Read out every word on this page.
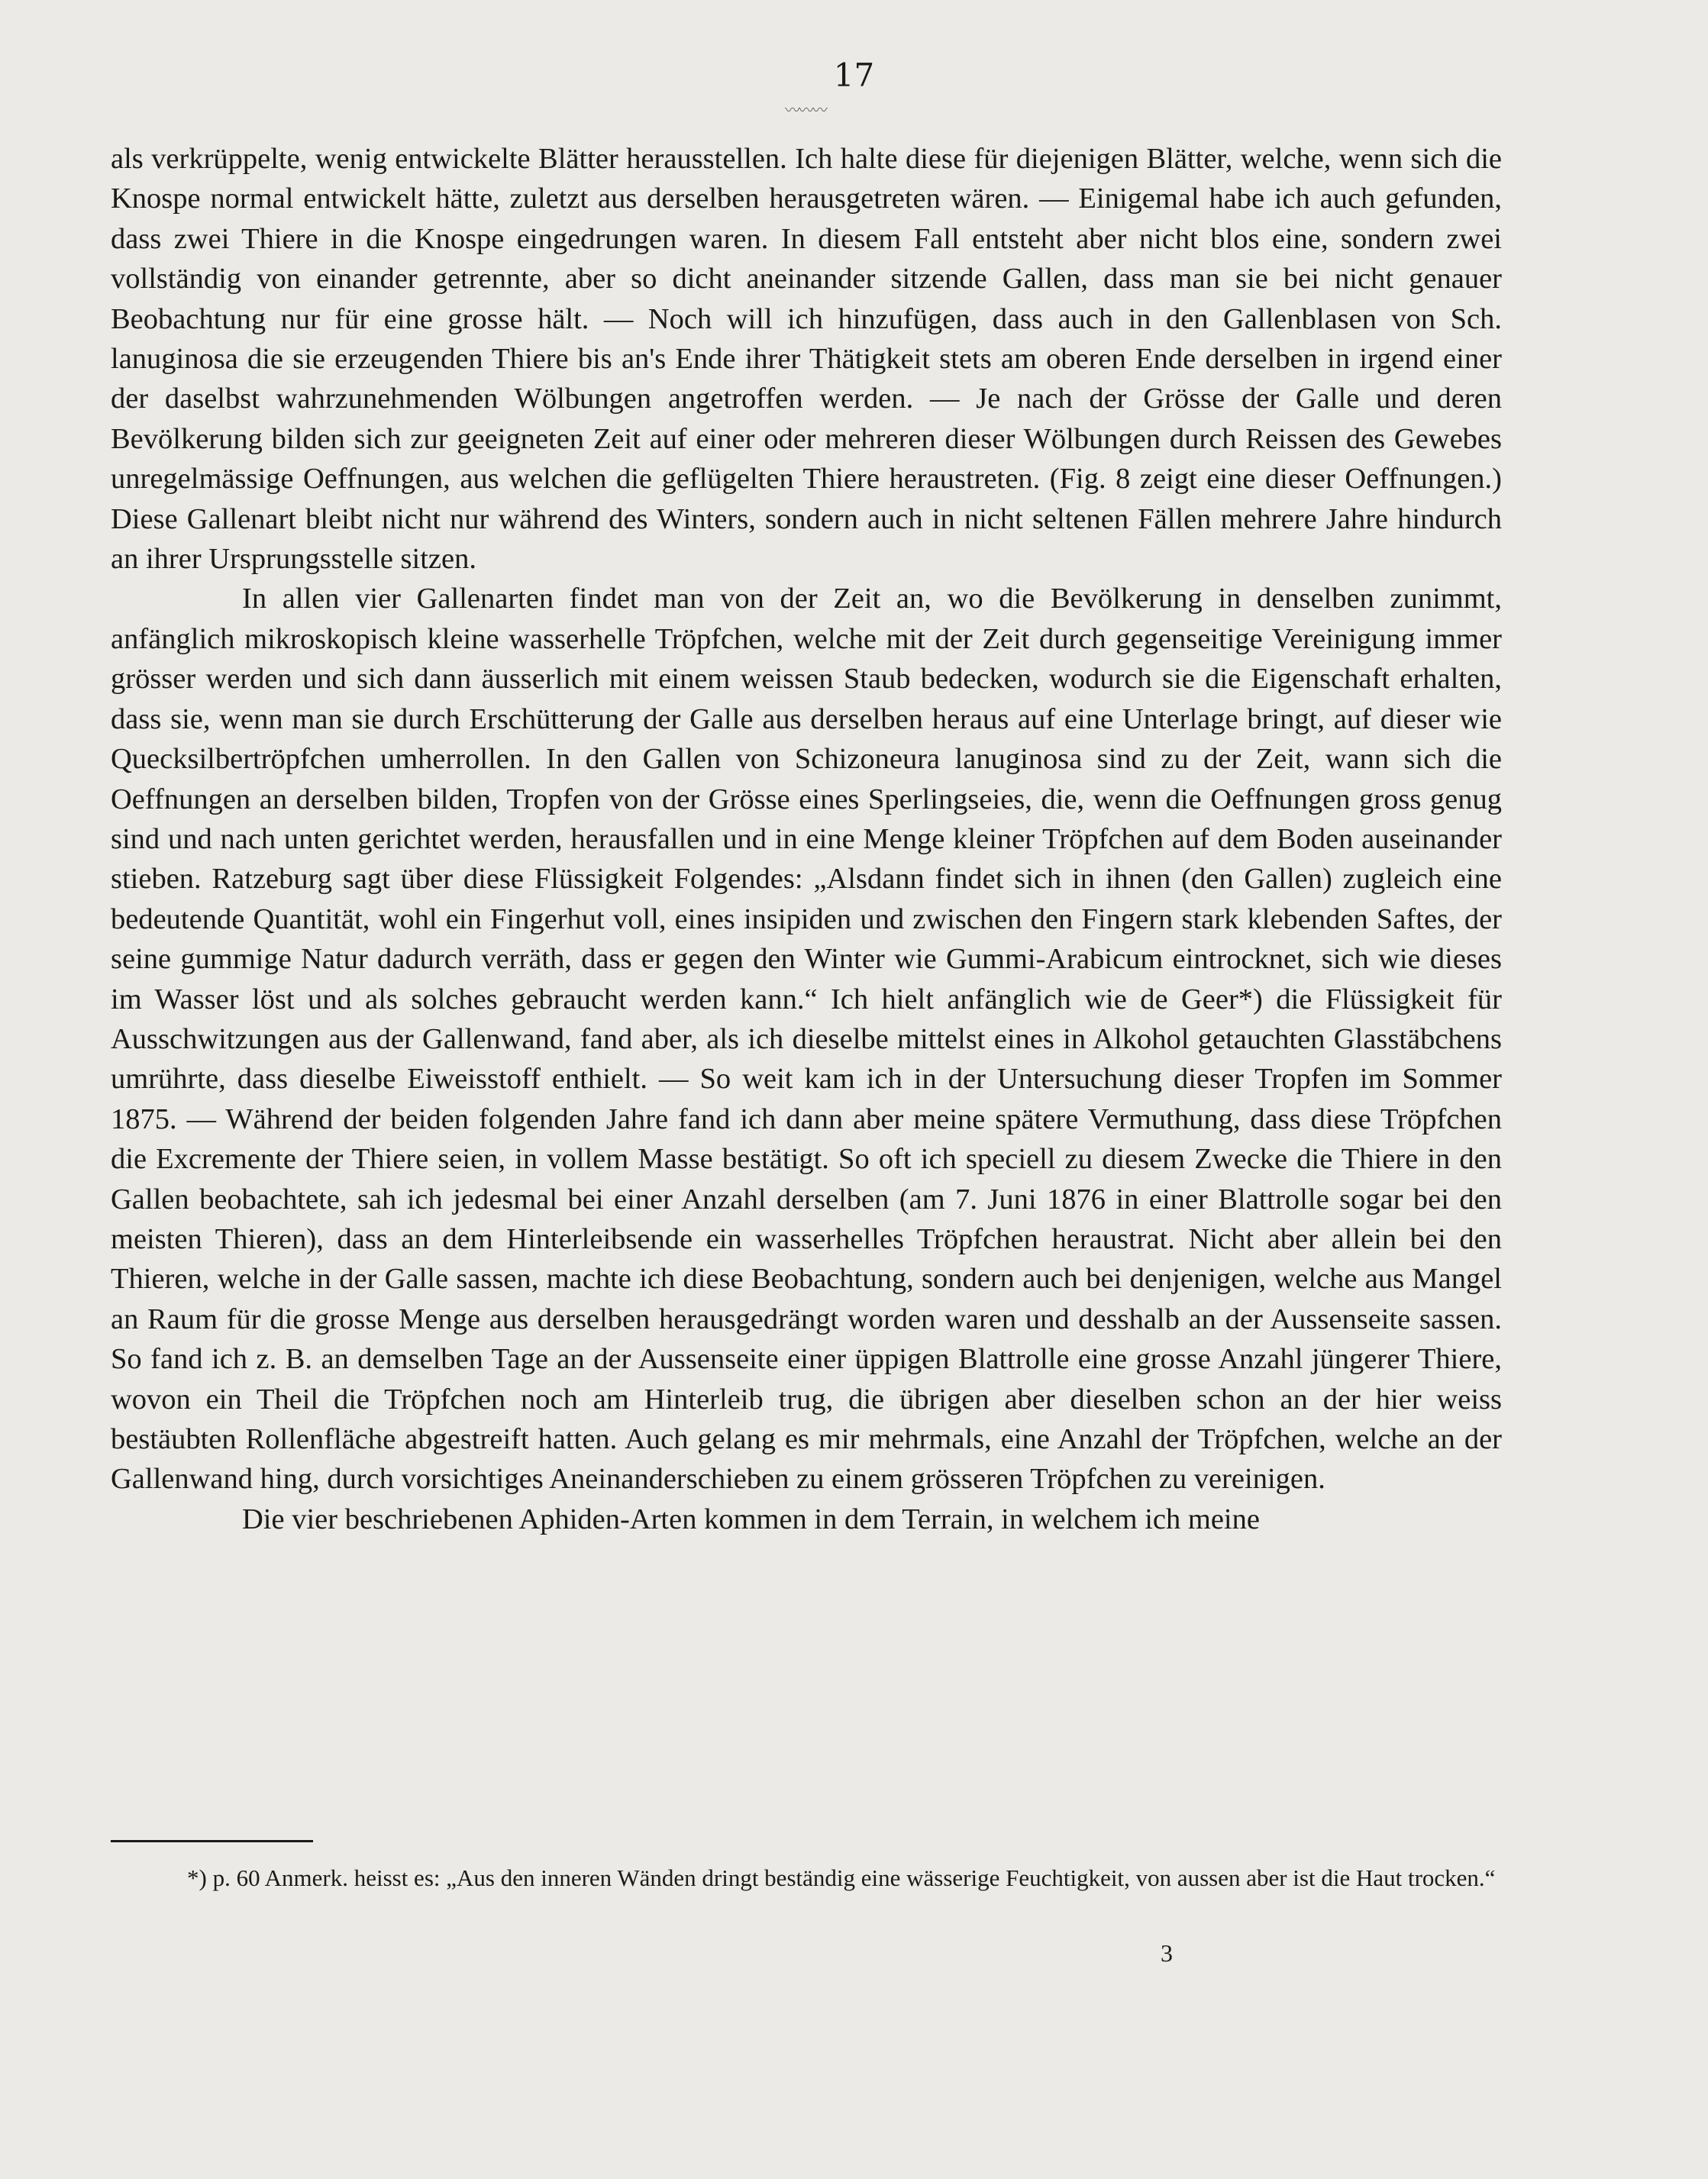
17
〰〰〰

als verkrüppelte, wenig entwickelte Blätter herausstellen. Ich halte diese für diejenigen Blätter, welche, wenn sich die Knospe normal entwickelt hätte, zuletzt aus derselben herausgetreten wären. — Einigemal habe ich auch gefunden, dass zwei Thiere in die Knospe eingedrungen waren. In diesem Fall entsteht aber nicht blos eine, sondern zwei vollständig von einander getrennte, aber so dicht aneinander sitzende Gallen, dass man sie bei nicht genauer Beobachtung nur für eine grosse hält. — Noch will ich hinzufügen, dass auch in den Gallenblasen von Sch. lanuginosa die sie erzeugenden Thiere bis an's Ende ihrer Thätigkeit stets am oberen Ende derselben in irgend einer der daselbst wahrzunehmenden Wölbungen angetroffen werden. — Je nach der Grösse der Galle und deren Bevölkerung bilden sich zur geeigneten Zeit auf einer oder mehreren dieser Wölbungen durch Reissen des Gewebes unregelmässige Oeffnungen, aus welchen die geflügelten Thiere heraustreten. (Fig. 8 zeigt eine dieser Oeffnungen.) Diese Gallenart bleibt nicht nur während des Winters, sondern auch in nicht seltenen Fällen mehrere Jahre hindurch an ihrer Ursprungsstelle sitzen.

In allen vier Gallenarten findet man von der Zeit an, wo die Bevölkerung in denselben zunimmt, anfänglich mikroskopisch kleine wasserhelle Tröpfchen, welche mit der Zeit durch gegenseitige Vereinigung immer grösser werden und sich dann äusserlich mit einem weissen Staub bedecken, wodurch sie die Eigenschaft erhalten, dass sie, wenn man sie durch Erschütterung der Galle aus derselben heraus auf eine Unterlage bringt, auf dieser wie Quecksilbertröpfchen umherrollen. In den Gallen von Schizoneura lanuginosa sind zu der Zeit, wann sich die Oeffnungen an derselben bilden, Tropfen von der Grösse eines Sperlingseies, die, wenn die Oeffnungen gross genug sind und nach unten gerichtet werden, herausfallen und in eine Menge kleiner Tröpfchen auf dem Boden auseinander stieben. Ratzeburg sagt über diese Flüssigkeit Folgendes: „Alsdann findet sich in ihnen (den Gallen) zugleich eine bedeutende Quantität, wohl ein Fingerhut voll, eines insipiden und zwischen den Fingern stark klebenden Saftes, der seine gummige Natur dadurch verräth, dass er gegen den Winter wie Gummi-Arabicum eintrocknet, sich wie dieses im Wasser löst und als solches gebraucht werden kann.“ Ich hielt anfänglich wie de Geer*) die Flüssigkeit für Ausschwitzungen aus der Gallenwand, fand aber, als ich dieselbe mittelst eines in Alkohol getauchten Glasstäbchens umrührte, dass dieselbe Eiweisstoff enthielt. — So weit kam ich in der Untersuchung dieser Tropfen im Sommer 1875. — Während der beiden folgenden Jahre fand ich dann aber meine spätere Vermuthung, dass diese Tröpfchen die Excremente der Thiere seien, in vollem Masse bestätigt. So oft ich speciell zu diesem Zwecke die Thiere in den Gallen beobachtete, sah ich jedesmal bei einer Anzahl derselben (am 7. Juni 1876 in einer Blattrolle sogar bei den meisten Thieren), dass an dem Hinterleibsende ein wasserhelles Tröpfchen heraustrat. Nicht aber allein bei den Thieren, welche in der Galle sassen, machte ich diese Beobachtung, sondern auch bei denjenigen, welche aus Mangel an Raum für die grosse Menge aus derselben herausgedrängt worden waren und desshalb an der Aussenseite sassen. So fand ich z. B. an demselben Tage an der Aussenseite einer üppigen Blattrolle eine grosse Anzahl jüngerer Thiere, wovon ein Theil die Tröpfchen noch am Hinterleib trug, die übrigen aber dieselben schon an der hier weiss bestäubten Rollenfläche abgestreift hatten. Auch gelang es mir mehrmals, eine Anzahl der Tröpfchen, welche an der Gallenwand hing, durch vorsichtiges Aneinanderschieben zu einem grösseren Tröpfchen zu vereinigen.

Die vier beschriebenen Aphiden-Arten kommen in dem Terrain, in welchem ich meine

*) p. 60 Anmerk. heisst es: „Aus den inneren Wänden dringt beständig eine wässerige Feuchtigkeit, von aussen aber ist die Haut trocken.“

3
